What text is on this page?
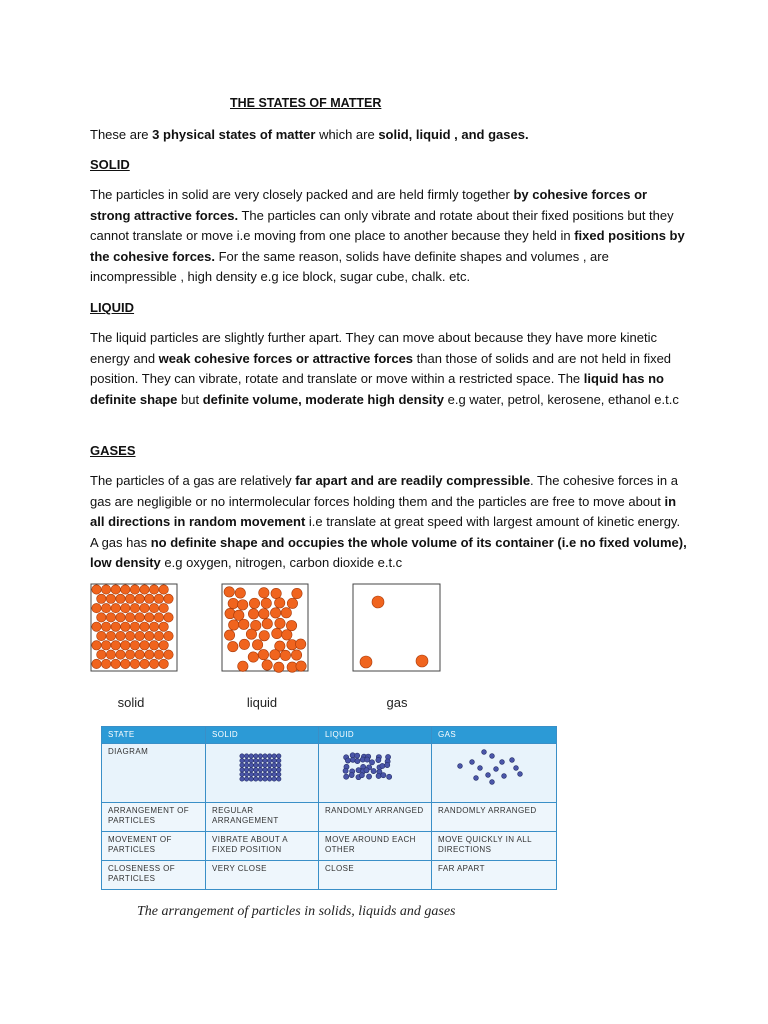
THE STATES OF MATTER

These are 3 physical states of matter which are solid, liquid , and gases.

SOLID

The particles in solid are very closely packed and are held firmly together by cohesive forces or strong attractive forces. The particles can only vibrate and rotate about their fixed positions but they cannot translate or move i.e moving from one place to another because they held in fixed positions by the cohesive forces. For the same reason, solids have definite shapes and volumes , are incompressible , high density e.g ice block, sugar cube, chalk. etc.

LIQUID

The liquid particles are slightly further apart. They can move about because they have more kinetic energy and weak cohesive forces or attractive forces than those of solids and are not held in fixed position. They can vibrate, rotate and translate or move within a restricted space. The liquid has no definite shape but definite volume, moderate high density e.g water, petrol, kerosene, ethanol e.t.c

GASES

The particles of a gas are relatively far apart and are readily compressible. The cohesive forces in a gas are negligible or no intermolecular forces holding them and the particles are free to move about in all directions in random movement i.e translate at great speed with largest amount of kinetic energy. A gas has no definite shape and occupies the whole volume of its container (i.e no fixed volume), low density e.g oxygen, nitrogen, carbon dioxide e.t.c

solid	liquid	gas
STATE	SOLID	LIQUID	GAS
DIAGRAM			
ARRANGEMENT OF PARTICLES	REGULAR ARRANGEMENT	RANDOMLY ARRANGED	RANDOMLY ARRANGED
MOVEMENT OF PARTICLES	VIBRATE ABOUT A FIXED POSITION	MOVE AROUND EACH OTHER	MOVE QUICKLY IN ALL DIRECTIONS
CLOSENESS OF PARTICLES	VERY CLOSE	CLOSE	FAR APART
The arrangement of particles in solids, liquids and gases
